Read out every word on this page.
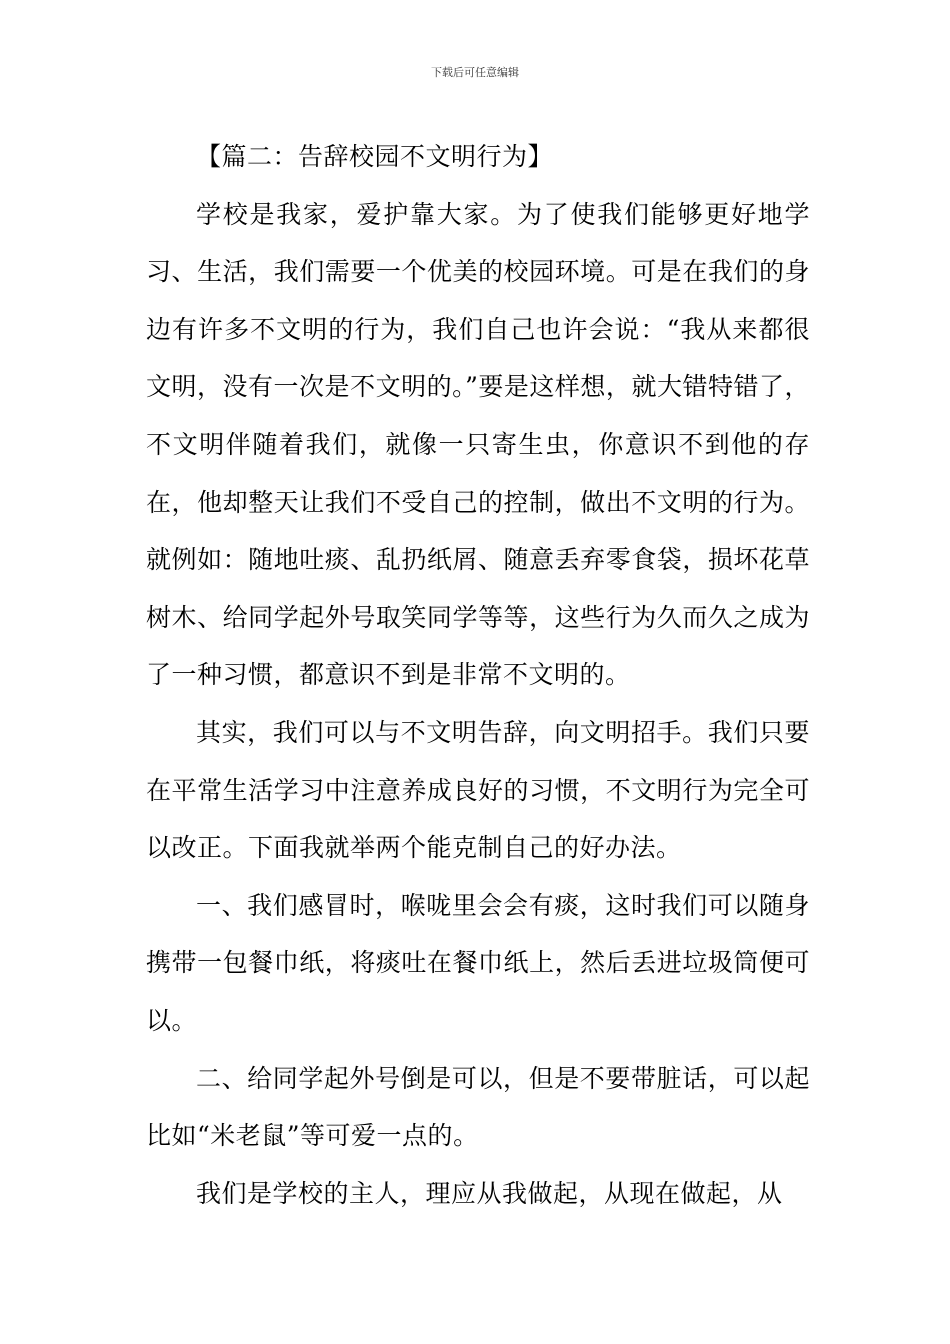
下载后可任意编辑

【篇二：告辞校园不文明行为】

学校是我家，爱护靠大家。为了使我们能够更好地学习、生活，我们需要一个优美的校园环境。可是在我们的身边有许多不文明的行为，我们自己也许会说：“我从来都很文明，没有一次是不文明的。”要是这样想，就大错特错了，不文明伴随着我们，就像一只寄生虫，你意识不到他的存在，他却整天让我们不受自己的控制，做出不文明的行为。就例如：随地吐痰、乱扔纸屑、随意丢弃零食袋，损坏花草树木、给同学起外号取笑同学等等，这些行为久而久之成为了一种习惯，都意识不到是非常不文明的。

其实，我们可以与不文明告辞，向文明招手。我们只要在平常生活学习中注意养成良好的习惯，不文明行为完全可以改正。下面我就举两个能克制自己的好办法。

一、我们感冒时，喉咙里会会有痰，这时我们可以随身携带一包餐巾纸，将痰吐在餐巾纸上，然后丢进垃圾筒便可以。

二、给同学起外号倒是可以，但是不要带脏话，可以起比如“米老鼠”等可爱一点的。

我们是学校的主人，理应从我做起，从现在做起，从
